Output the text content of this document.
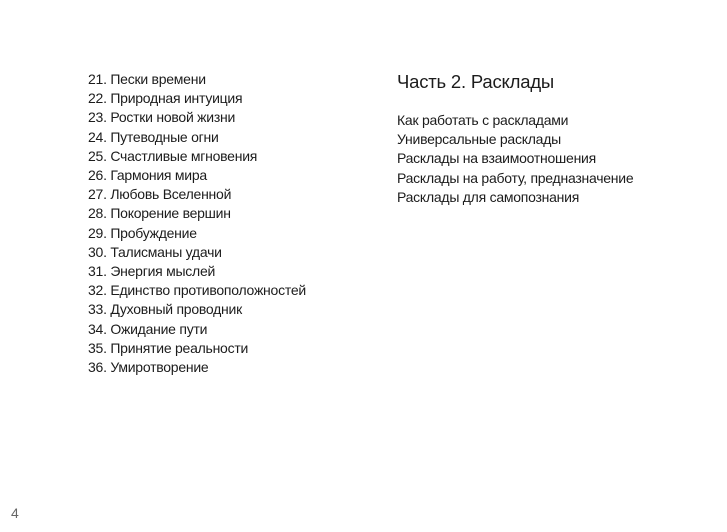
21. Пески времени
22. Природная интуиция
23. Ростки новой жизни
24. Путеводные огни
25. Счастливые мгновения
26. Гармония мира
27. Любовь Вселенной
28. Покорение вершин
29. Пробуждение
30. Талисманы удачи
31. Энергия мыслей
32. Единство противоположностей
33. Духовный проводник
34. Ожидание пути
35. Принятие реальности
36. Умиротворение
Часть 2. Расклады
Как работать с раскладами
Универсальные расклады
Расклады на взаимоотношения
Расклады на работу, предназначение
Расклады для самопознания
4
